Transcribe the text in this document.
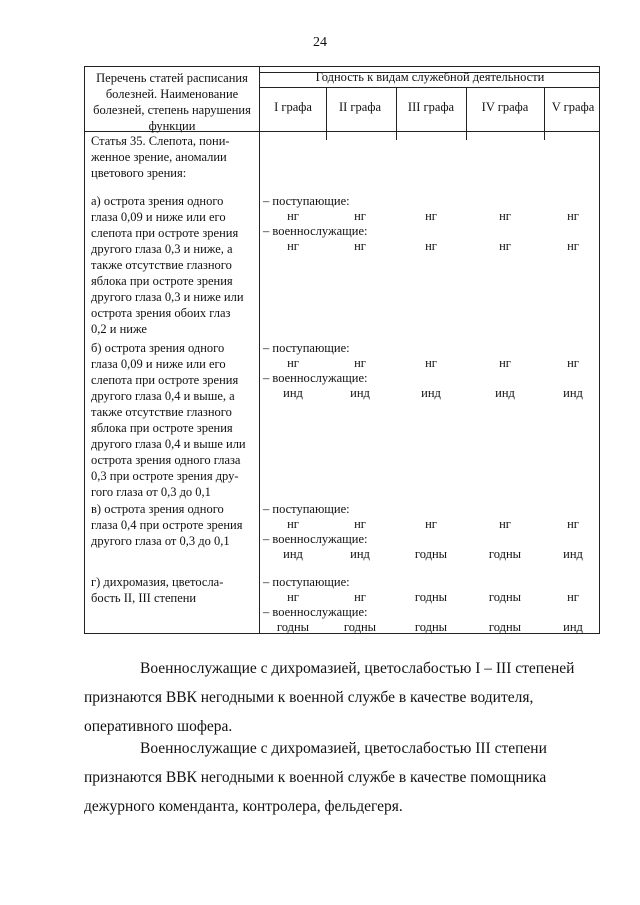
24
Перечень статей расписания
болезней. Наименование
болезней, степень нарушения
функции
Годность к видам служебной деятельности
I графа	II графа	III графа	IV графа	V графа
Статья 35. Слепота, пони-
женное зрение, аномалии
цветового зрения:
а) острота зрения одного
глаза 0,09 и ниже или его
слепота при остроте зрения
другого глаза 0,3 и ниже, а
также отсутствие глазного
яблока при остроте зрения
другого глаза 0,3 и ниже или
острота зрения обоих глаз
0,2 и ниже
– поступающие:
нг	нг	нг	нг	нг
– военнослужащие:
нг	нг	нг	нг	нг
б) острота зрения одного
глаза 0,09 и ниже или его
слепота при остроте зрения
другого глаза 0,4 и выше, а
также отсутствие глазного
яблока при остроте зрения
другого глаза 0,4 и выше или
острота зрения одного глаза
0,3 при остроте зрения дру-
гого глаза от 0,3 до 0,1
– поступающие:
нг	нг	нг	нг	нг
– военнослужащие:
инд	инд	инд	инд	инд
в) острота зрения одного
глаза 0,4 при остроте зрения
другого глаза от 0,3 до 0,1
– поступающие:
нг	нг	нг	нг	нг
– военнослужащие:
инд	инд	годны	годны	инд
г) дихромазия, цветосла-
бость II, III степени
– поступающие:
нг	нг	годны	годны	нг
– военнослужащие:
годны	годны	годны	годны	инд
Военнослужащие с дихромазией, цветослабостью I – III степеней
признаются ВВК негодными к военной службе в качестве водителя,
оперативного шофера.
Военнослужащие с дихромазией, цветослабостью III степени
признаются ВВК негодными к военной службе в качестве помощника
дежурного коменданта, контролера, фельдегеря.
